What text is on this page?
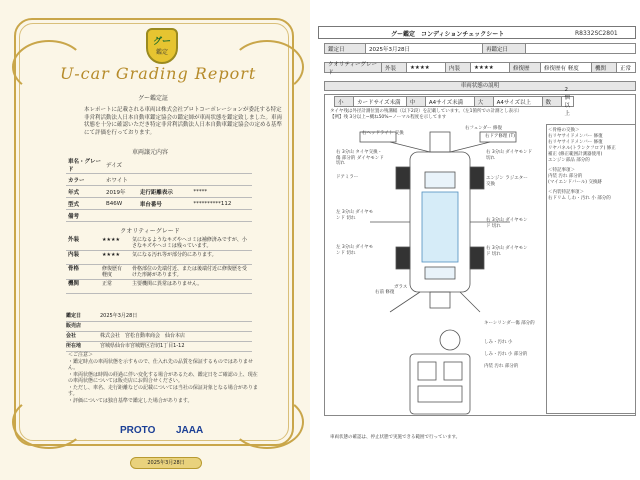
グー
鑑定
U-car Grading Report
グー鑑定証
本レポートに記載される車両は株式会社プロトコーポレーションが委託する特定非営利活動法人日本自動車鑑定協会の鑑定師が車両状態を鑑定致しました。車両状態を十分に確認いただき特定非営利活動法人日本自動車鑑定協会の定める基準にて評価を行っております。
車両譲元内容
車名・グレード	デイズ		
カラー	ホワイト		
年式	2019年	走行距離表示	*****
型式	B46W	車台番号	**********112
備考			
クオリティーグレード
外装	★★★★	気になるようなキズやヘコミは補修済みですが、小さなキズやヘコミは残っています。
内装	★★★★	気になる汚れ等が部分的にあります。
骨格	修復歴有 軽度	骨格部位の先端付近、または後端付近に修復歴を受けた形跡があります。
機関	正常	主要機関に異常はありません。
鑑定日	2025年3月28日
販売店
会社	株式会社　宮松自動車商会　仙台本店
所在地	宮城県仙台市宮城野区岩切1丁目1-12
＜ご注意＞
・鑑定時点の車両状態を示すもので、仕入れ先の品質を保証するものではありません。
・車両状態は時間の経過に伴い変化する場合があるため、鑑定日をご確認の上、現在の車両状態については販売店にお問合せください。
・ただし、車名、走行距離などの記載については当社の保証対象となる場合があります。
・評価については独自基準で鑑定した場合があります。
PROTO JAAA
2025年3月28日
グー鑑定　コンディションチェックシート	R8332SC2801
鑑定日	2025年3月28日	再鑑定日
クオリティーグレード
外装	★★★★	内装	★★★★	修復歴	修復歴有 軽度	機関	正常
車両状態の説明
小	カードサイズ未満	中	A4サイズ未満	大	A4サイズ以上	数
個以上
タイヤ残は外径計測位置の残溝幅（以下2段）を記載しています。（左1箇所での計測とし表示）
【例】残 3分以上~概ね50%~ノーマル程度を示してます
右ヘッドライト 交換
右フェンダー 修復
右ドア修理 (T)
右 3分山 タイヤ交換・傷 部分的 ダイヤモンド 切れ
右 3分山 ダイヤモンド 切れ
ドアミラー
左 3分山 ダイヤモンド 切れ
左 3分山 ダイヤモンド 切れ
エンジン ラジエター交換
右前 修復
右 3分山 ダイヤモンド 切れ
右 3分山 ダイヤモンド 切れ
ガラス
キーシリンダー傷 部分的
しみ・汚れ 小
しみ・汚れ 小 部分的
内装 汚れ 部分的
＜骨格の交換＞
右リヤサイドメンバー 修復
右リヤサイドメンバー 修復
リヤパネル(トランクフロア) 修正
補正 (修正範囲計測器使用)
エンジン部品 部分的
＜特記事項＞
内装 汚れ 部分的
(マイエンドバール) 交換跡
＜内装特記事項＞
右ドリム しわ・汚れ 小 部分的
車両状態の確認は、停止状態で実施できる範囲で行っています。
